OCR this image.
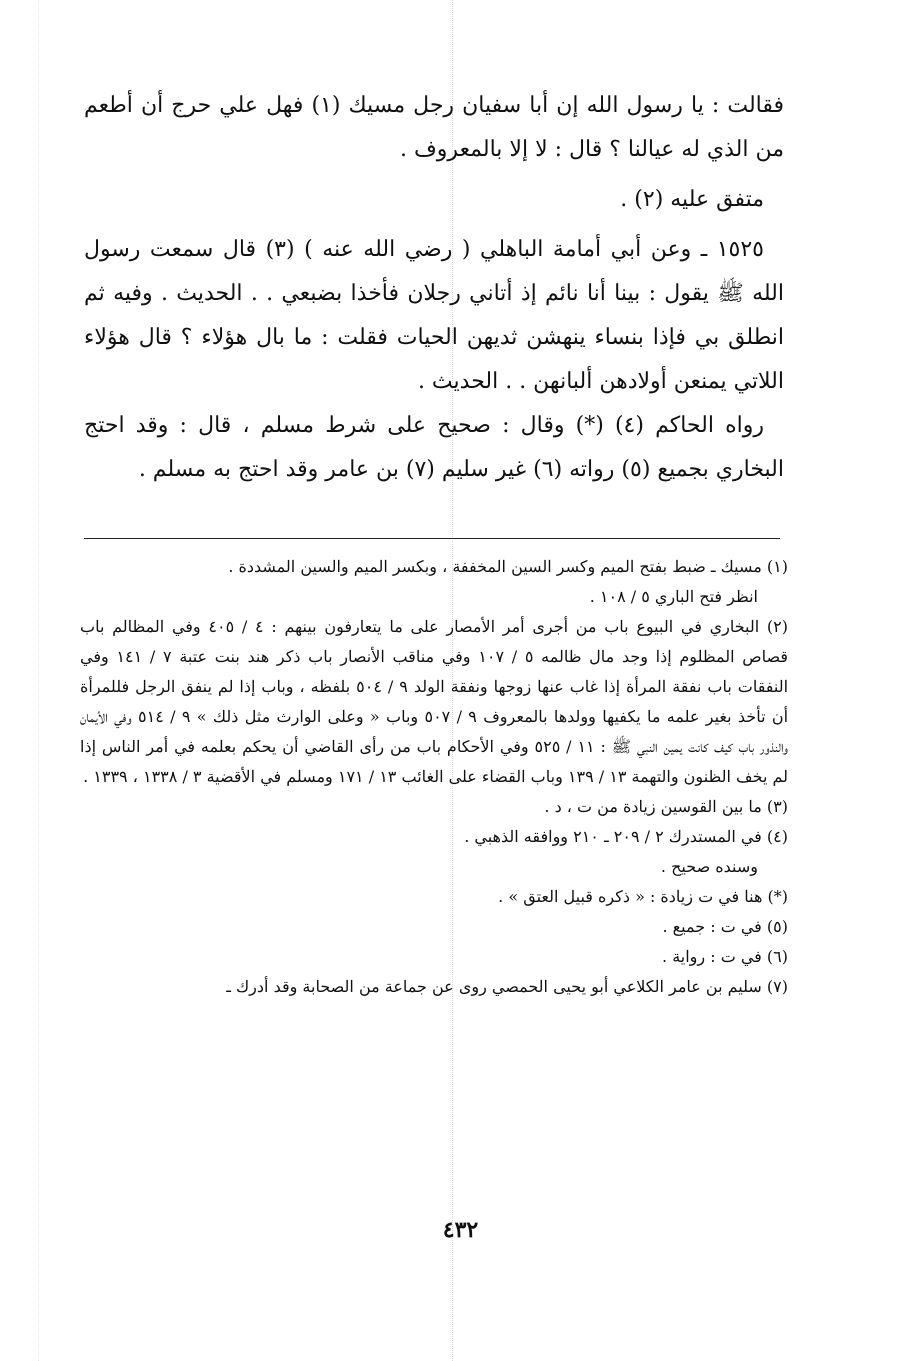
فقالت : يا رسول الله إن أبا سفيان رجل مسيك (١) فهل علي حرج أن أطعم من الذي له عيالنا ؟ قال : لا إلا بالمعروف .

متفق عليه (٢) .

١٥٢٥ ـ وعن أبي أمامة الباهلي ( رضي الله عنه ) (٣) قال سمعت رسول الله ﷺ يقول : بينا أنا نائم إذ أتاني رجلان فأخذا بضبعي . . الحديث . وفيه ثم انطلق بي فإذا بنساء ينهشن ثديهن الحيات فقلت : ما بال هؤلاء ؟ قال هؤلاء اللاتي يمنعن أولادهن ألبانهن . . الحديث .

رواه الحاكم (٤) (*) وقال : صحيح على شرط مسلم ، قال : وقد احتج البخاري بجميع (٥) رواته (٦) غير سليم (٧) بن عامر وقد احتج به مسلم .

(١) مسيك ـ ضبط بفتح الميم وكسر السين المخففة ، وبكسر الميم والسين المشددة .

انظر فتح الباري ٥ / ١٠٨ .

(٢) البخاري في البيوع باب من أجرى أمر الأمصار على ما يتعارفون بينهم : ٤ / ٤٠٥ وفي المظالم باب قصاص المظلوم إذا وجد مال ظالمه ٥ / ١٠٧ وفي مناقب الأنصار باب ذكر هند بنت عتبة ٧ / ١٤١ وفي النفقات باب نفقة المرأة إذا غاب عنها زوجها ونفقة الولد ٩ / ٥٠٤ بلفظه ، وباب إذا لم ينفق الرجل فللمرأة أن تأخذ بغير علمه ما يكفيها وولدها بالمعروف ٩ / ٥٠٧ وباب « وعلى الوارث مثل ذلك » ٩ / ٥١٤ وفي الأيمان والنذور باب كيف كانت يمين النبي ﷺ : ١١ / ٥٢٥ وفي الأحكام باب من رأى القاضي أن يحكم بعلمه في أمر الناس إذا لم يخف الظنون والتهمة ١٣ / ١٣٩ وباب القضاء على الغائب ١٣ / ١٧١ ومسلم في الأقضية ٣ / ١٣٣٨ ، ١٣٣٩ .

(٣) ما بين القوسين زيادة من ت ، د .

(٤) في المستدرك ٢ / ٢٠٩ ـ ٢١٠ ووافقه الذهبي .

وسنده صحيح .

(*) هنا في ت زيادة : « ذكره قبيل العتق » .

(٥) في ت : جميع .

(٦) في ت : رواية .

(٧) سليم بن عامر الكلاعي أبو يحيى الحمصي روى عن جماعة من الصحابة وقد أدرك ـ

٤٣٢
